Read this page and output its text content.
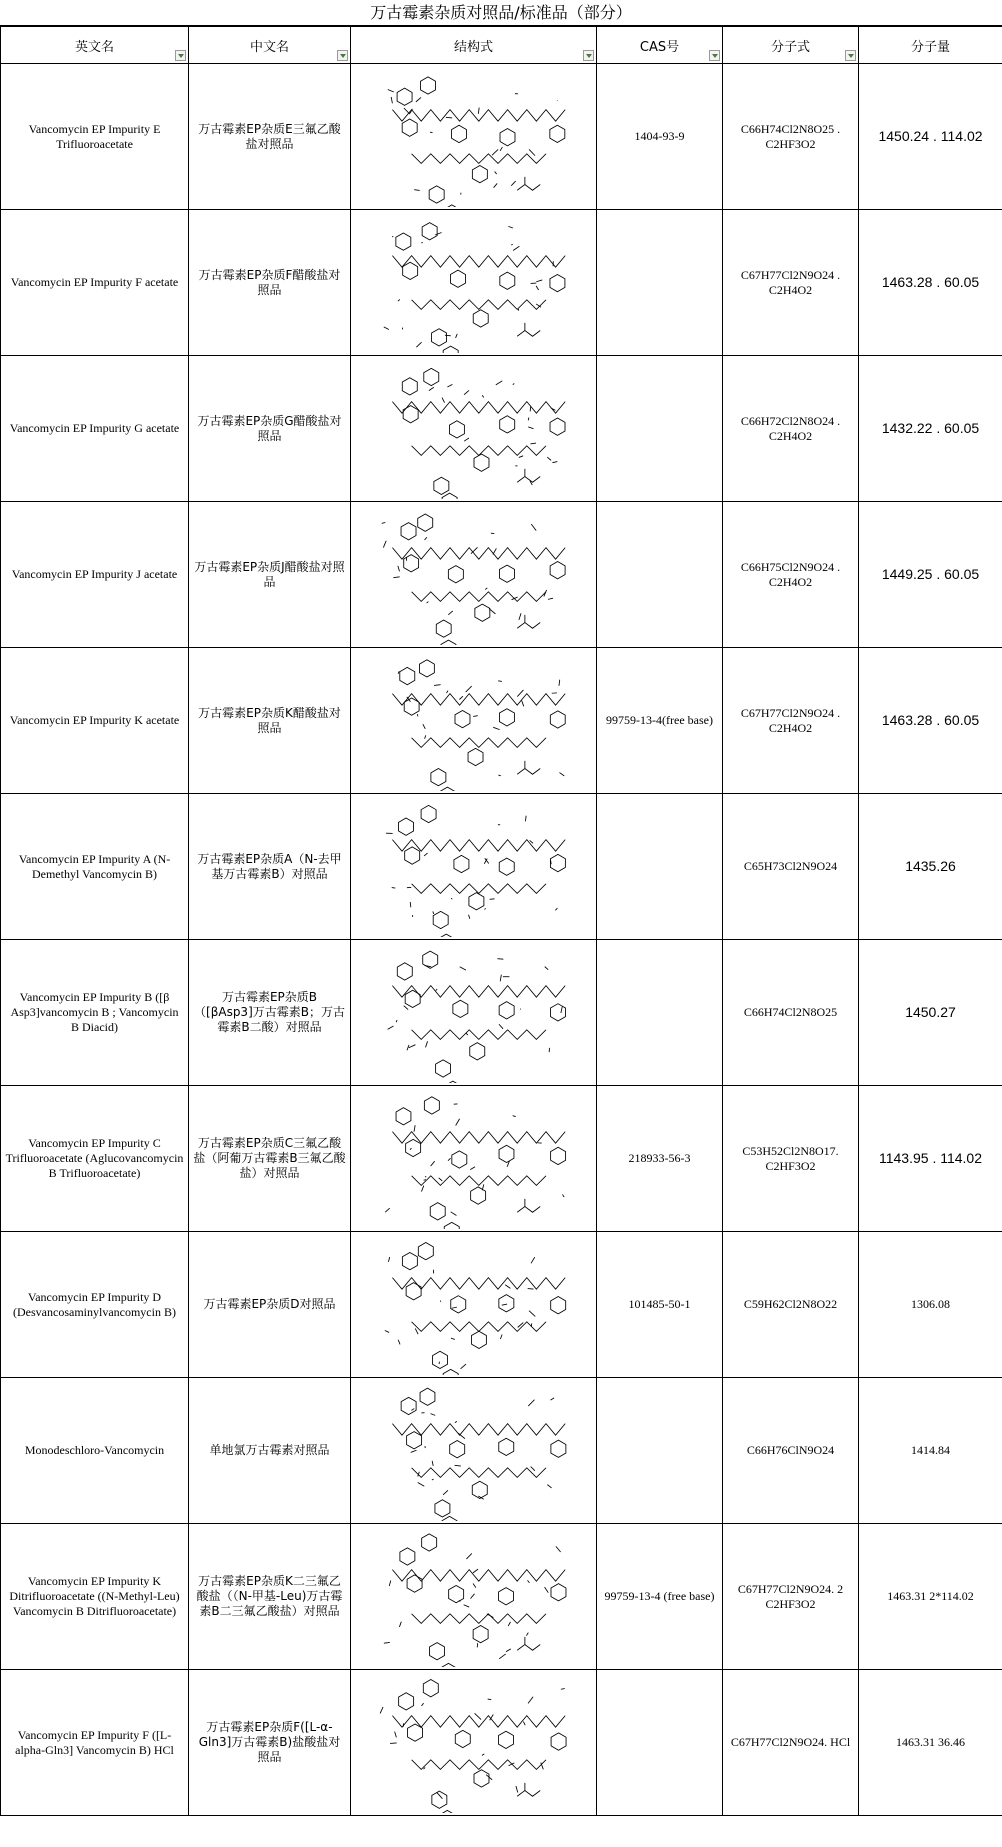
万古霉素杂质对照品/标准品（部分）
英文名	中文名	结构式	CAS号	分子式	分子量
Vancomycin EP Impurity E Trifluoroacetate	万古霉素EP杂质E三氟乙酸盐对照品		1404-93-9	C66H74Cl2N8O25 . C2HF3O2	1450.24 . 114.02
Vancomycin EP Impurity F acetate	万古霉素EP杂质F醋酸盐对照品			C67H77Cl2N9O24 . C2H4O2	1463.28 . 60.05
Vancomycin EP Impurity G acetate	万古霉素EP杂质G醋酸盐对照品			C66H72Cl2N8O24 . C2H4O2	1432.22 . 60.05
Vancomycin EP Impurity J acetate	万古霉素EP杂质J醋酸盐对照品			C66H75Cl2N9O24 . C2H4O2	1449.25 . 60.05
Vancomycin EP Impurity K acetate	万古霉素EP杂质K醋酸盐对照品		99759-13-4(free base)	C67H77Cl2N9O24 . C2H4O2	1463.28 . 60.05
Vancomycin EP Impurity A (N-Demethyl Vancomycin B)	万古霉素EP杂质A（N-去甲基万古霉素B）对照品			C65H73Cl2N9O24	1435.26
Vancomycin EP Impurity B ([β Asp3]vancomycin B ; Vancomycin B Diacid)	万古霉素EP杂质B（[βAsp3]万古霉素B；万古霉素B二酸）对照品			C66H74Cl2N8O25	1450.27
Vancomycin EP Impurity C Trifluoroacetate (Aglucovancomycin B Trifluoroacetate)	万古霉素EP杂质C三氟乙酸盐（阿葡万古霉素B三氟乙酸盐）对照品		218933-56-3	C53H52Cl2N8O17. C2HF3O2	1143.95 . 114.02
Vancomycin EP Impurity D (Desvancosaminylvancomycin B)	万古霉素EP杂质D对照品		101485-50-1	C59H62Cl2N8O22	1306.08
Monodeschloro-Vancomycin	单地氯万古霉素对照品			C66H76ClN9O24	1414.84
Vancomycin EP Impurity K Ditrifluoroacetate ((N-Methyl-Leu) Vancomycin B Ditrifluoroacetate)	万古霉素EP杂质K二三氟乙酸盐（（N-甲基-Leu)万古霉素B二三氟乙酸盐）对照品		99759-13-4 (free base)	C67H77Cl2N9O24. 2 C2HF3O2	1463.31 2*114.02
Vancomycin EP Impurity F ([L-alpha-Gln3] Vancomycin B) HCl	万古霉素EP杂质F([L-α-Gln3]万古霉素B)盐酸盐对照品			C67H77Cl2N9O24. HCl	1463.31 36.46
